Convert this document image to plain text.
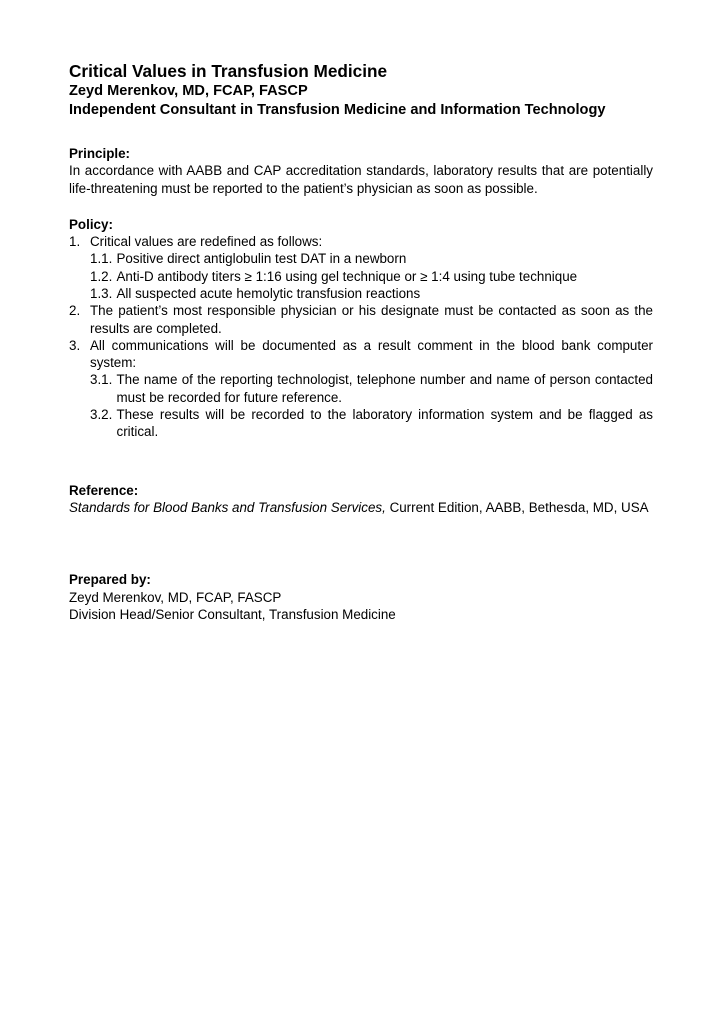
Critical Values in Transfusion Medicine
Zeyd Merenkov, MD, FCAP, FASCP
Independent Consultant in Transfusion Medicine and Information Technology
Principle:

In accordance with AABB and CAP accreditation standards, laboratory results that are potentially life-threatening must be reported to the patient’s physician as soon as possible.

Policy:
1. Critical values are redefined as follows:
1.1. Positive direct antiglobulin test DAT in a newborn
1.2. Anti-D antibody titers ≥ 1:16 using gel technique or ≥ 1:4 using tube technique
1.3. All suspected acute hemolytic transfusion reactions
2. The patient’s most responsible physician or his designate must be contacted as soon as the results are completed.
3. All communications will be documented as a result comment in the blood bank computer system:
3.1. The name of the reporting technologist, telephone number and name of person contacted must be recorded for future reference.
3.2. These results will be recorded to the laboratory information system and be flagged as critical.
Reference:

Standards for Blood Banks and Transfusion Services, Current Edition, AABB, Bethesda, MD, USA

Prepared by:
Zeyd Merenkov, MD, FCAP, FASCP
Division Head/Senior Consultant, Transfusion Medicine
